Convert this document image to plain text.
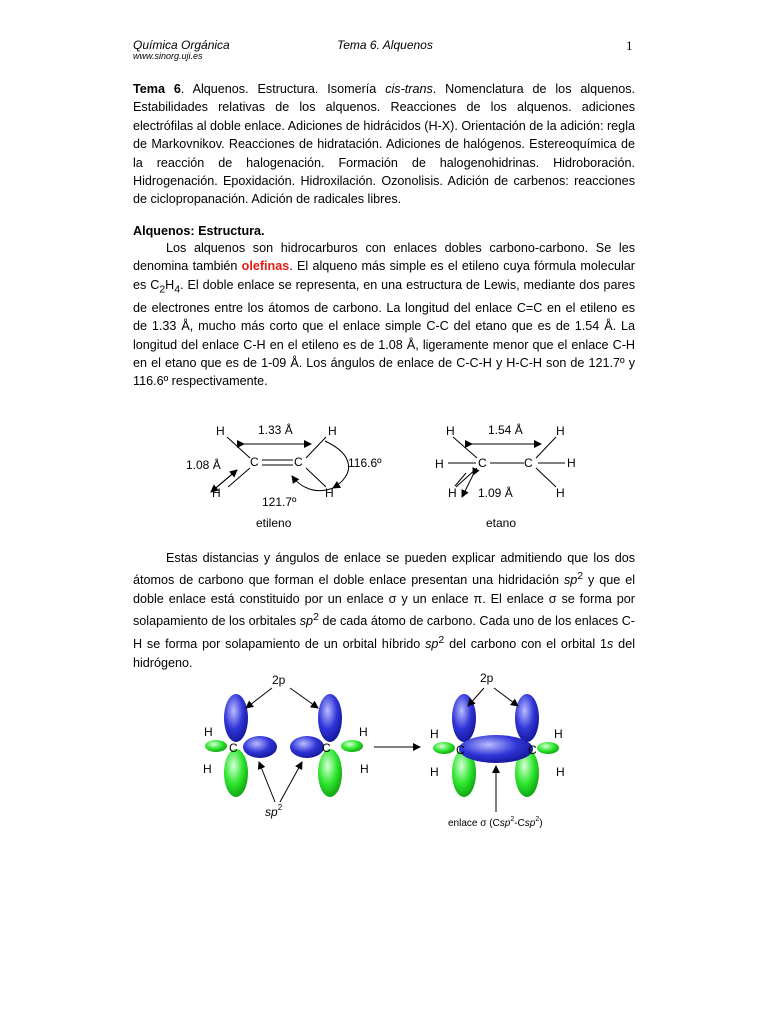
Química Orgánica
www.sinorg.uji.es
Tema 6. Alquenos	1

Tema 6. Alquenos. Estructura. Isomería cis-trans. Nomenclatura de los alquenos. Estabilidades relativas de los alquenos. Reacciones de los alquenos. adiciones electrófilas al doble enlace. Adiciones de hidrácidos (H-X). Orientación de la adición: regla de Markovnikov. Reacciones de hidratación. Adiciones de halógenos. Estereoquímica de la reacción de halogenación. Formación de halogenohidrinas. Hidroboración. Hidrogenación. Epoxidación. Hidroxilación. Ozonolisis. Adición de carbenos: reacciones de ciclopropanación. Adición de radicales libres.

Alquenos: Estructura.

Los alquenos son hidrocarburos con enlaces dobles carbono-carbono. Se les denomina también olefinas. El alqueno más simple es el etileno cuya fórmula molecular es $C_2H_4$. El doble enlace se representa, en una estructura de Lewis, mediante dos pares de electrones entre los átomos de carbono. La longitud del enlace C=C en el etileno es de 1.33 Å, mucho más corto que el enlace simple C-C del etano que es de 1.54 Å. La longitud del enlace C-H en el etileno es de 1.08 Å, ligeramente menor que el enlace C-H en el etano que es de 1-09 Å. Los ángulos de enlace de C-C-H y H-C-H son de 121.7º y 116.6º respectivamente.

H
H
H
H
C	C
1.33 Å
1.08 Å	116.6º
121.7º
etileno
H
H
H
H
H
H
C	C
1.54 Å
1.09 Å
etano
H
H
C	C
H
H
2p
$sp^2$
H
H
C	C
H
H
2p
enlace σ (Csp$^2$-Csp$^2$)

Estas distancias y ángulos de enlace se pueden explicar admitiendo que los dos átomos de carbono que forman el doble enlace presentan una hidridación $sp^2$ y que el doble enlace está constituido por un enlace σ y un enlace π. El enlace σ se forma por solapamiento de los orbitales $sp^2$ de cada átomo de carbono. Cada uno de los enlaces C-H se forma por solapamiento de un orbital híbrido $sp^2$ del carbono con el orbital 1s del hidrógeno.
